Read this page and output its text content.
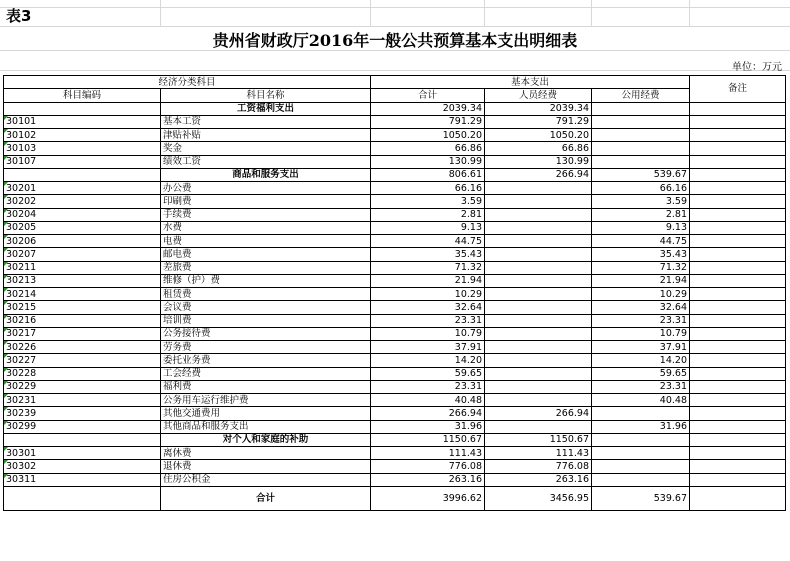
表3
贵州省财政厅2016年一般公共预算基本支出明细表
单位：万元
经济分类科目		基本支出			备注
科目编码	科目名称	合计	人员经费	公用经费	
	工资福利支出	2039.34	2039.34		

30101	基本工资	791.29	791.29		

30102	津贴补贴	1050.20	1050.20		

30103	奖金	66.86	66.86		

30107	绩效工资	130.99	130.99		
	商品和服务支出	806.61	266.94	539.67	

30201	办公费	66.16		66.16	

30202	印刷费	3.59		3.59	

30204	手续费	2.81		2.81	

30205	水费	9.13		9.13	

30206	电费	44.75		44.75	

30207	邮电费	35.43		35.43	

30211	差旅费	71.32		71.32	

30213	维修（护）费	21.94		21.94	

30214	租赁费	10.29		10.29	

30215	会议费	32.64		32.64	

30216	培训费	23.31		23.31	

30217	公务接待费	10.79		10.79	

30226	劳务费	37.91		37.91	

30227	委托业务费	14.20		14.20	

30228	工会经费	59.65		59.65	

30229	福利费	23.31		23.31	

30231	公务用车运行维护费	40.48		40.48	

30239	其他交通费用	266.94	266.94		

30299	其他商品和服务支出	31.96		31.96	
	对个人和家庭的补助	1150.67	1150.67		

30301	离休费	111.43	111.43		

30302	退休费	776.08	776.08		

30311	住房公积金	263.16	263.16		
	合计	3996.62	3456.95	539.67	
